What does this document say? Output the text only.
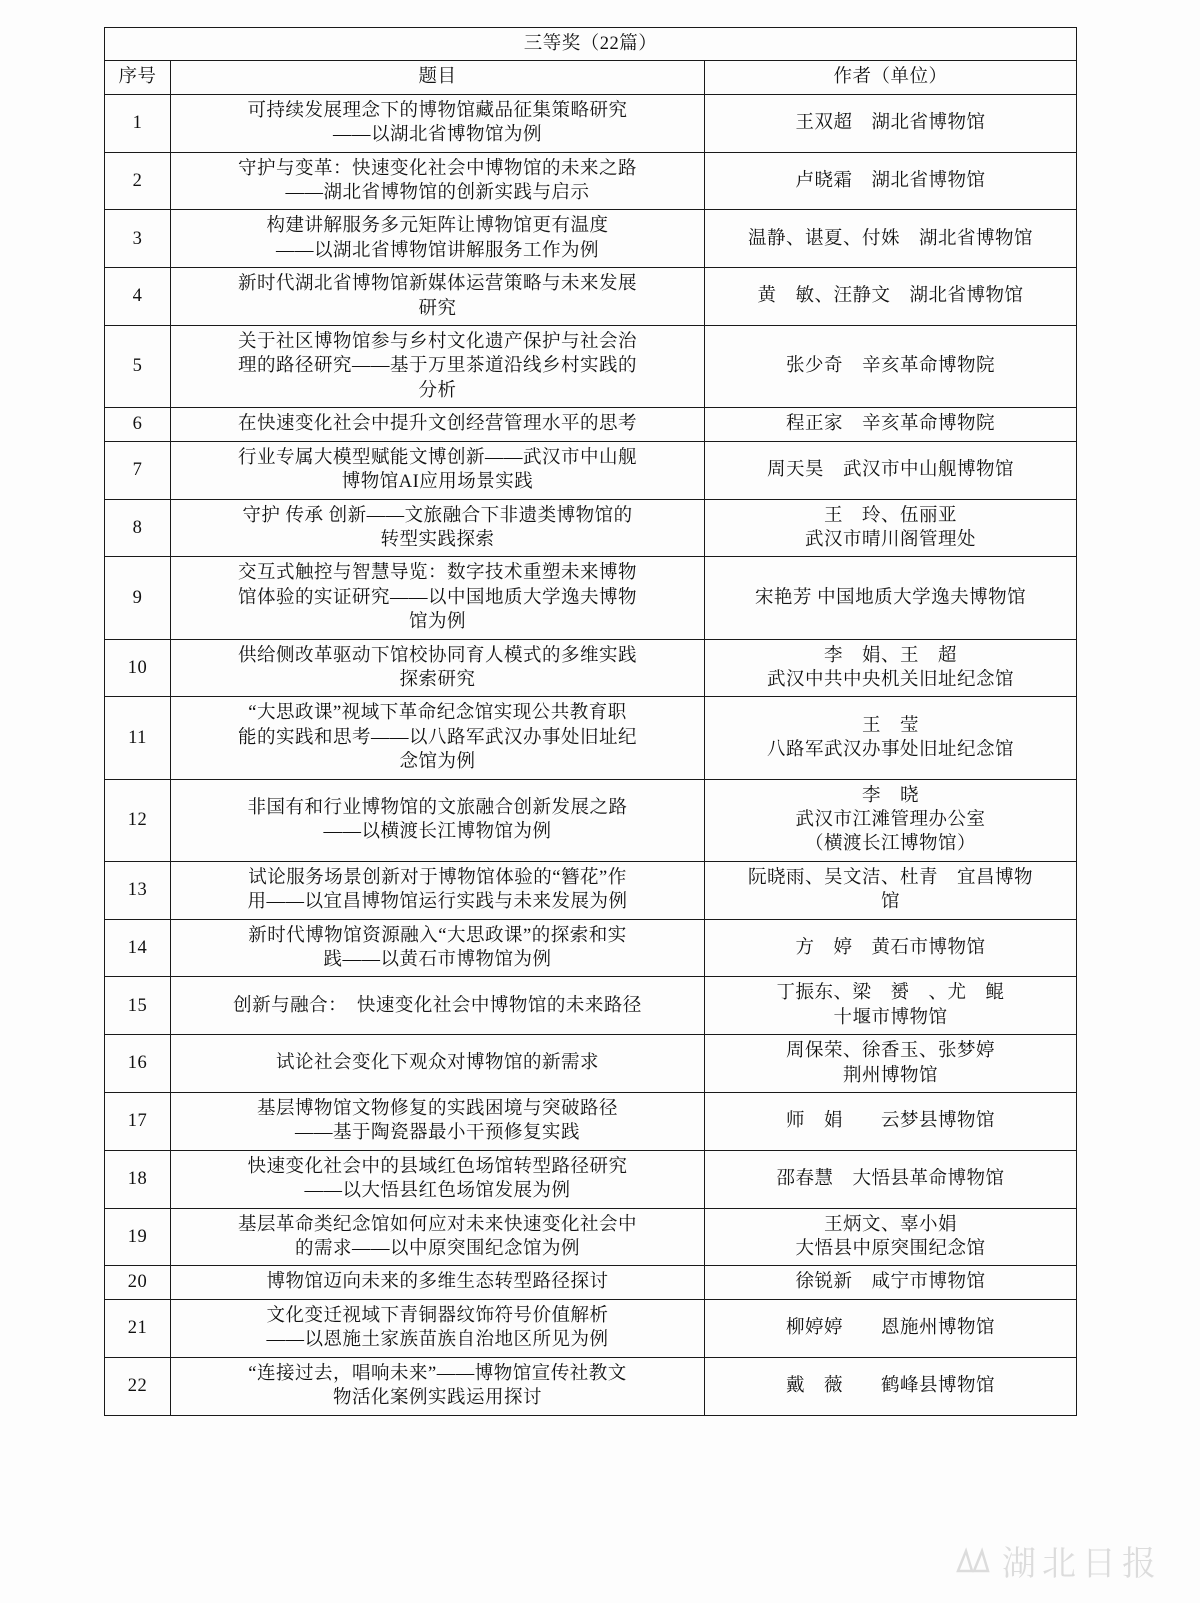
三等奖（22篇）		
序号	题目	作者（单位）
1	可持续发展理念下的博物馆藏品征集策略研究
——以湖北省博物馆为例	王双超　湖北省博物馆

2	守护与变革：快速变化社会中博物馆的未来之路
——湖北省博物馆的创新实践与启示	卢晓霜　湖北省博物馆

3	构建讲解服务多元矩阵让博物馆更有温度
——以湖北省博物馆讲解服务工作为例	温静、谌夏、付姝　湖北省博物馆

4	新时代湖北省博物馆新媒体运营策略与未来发展
研究	黄　敏、汪静文　湖北省博物馆

5	关于社区博物馆参与乡村文化遗产保护与社会治
理的路径研究——基于万里茶道沿线乡村实践的
分析	张少奇　辛亥革命博物院

6	在快速变化社会中提升文创经营管理水平的思考	程正家　辛亥革命博物院

7	行业专属大模型赋能文博创新——武汉市中山舰
博物馆AI应用场景实践	周天昊　武汉市中山舰博物馆

8	守护 传承 创新——文旅融合下非遗类博物馆的
转型实践探索	王　玲、伍丽亚
武汉市晴川阁管理处

9	交互式触控与智慧导览：数字技术重塑未来博物
馆体验的实证研究——以中国地质大学逸夫博物
馆为例	宋艳芳 中国地质大学逸夫博物馆

10	供给侧改革驱动下馆校协同育人模式的多维实践
探索研究	李　娟、王　超
武汉中共中央机关旧址纪念馆

11	“大思政课”视域下革命纪念馆实现公共教育职
能的实践和思考——以八路军武汉办事处旧址纪
念馆为例	王　莹
八路军武汉办事处旧址纪念馆

12	非国有和行业博物馆的文旅融合创新发展之路
——以横渡长江博物馆为例	李　晓
武汉市江滩管理办公室
（横渡长江博物馆）

13	试论服务场景创新对于博物馆体验的“簪花”作
用——以宜昌博物馆运行实践与未来发展为例	阮晓雨、吴文洁、杜青　宜昌博物
馆

14	新时代博物馆资源融入“大思政课”的探索和实
践——以黄石市博物馆为例	方　婷　黄石市博物馆

15	创新与融合：　快速变化社会中博物馆的未来路径	丁振东、梁　赟　、尤　鲲
十堰市博物馆

16	试论社会变化下观众对博物馆的新需求	周保荣、徐香玉、张梦婷
荆州博物馆

17	基层博物馆文物修复的实践困境与突破路径
——基于陶瓷器最小干预修复实践	师　娟　　云梦县博物馆

18	快速变化社会中的县域红色场馆转型路径研究
——以大悟县红色场馆发展为例	邵春慧　大悟县革命博物馆

19	基层革命类纪念馆如何应对未来快速变化社会中
的需求——以中原突围纪念馆为例	王炳文、辜小娟
大悟县中原突围纪念馆

20	博物馆迈向未来的多维生态转型路径探讨	徐锐新　咸宁市博物馆

21	文化变迁视域下青铜器纹饰符号价值解析
——以恩施土家族苗族自治地区所见为例	柳婷婷　　恩施州博物馆

22	“连接过去，唱响未来”——博物馆宣传社教文
物活化案例实践运用探讨	戴　薇　　鹤峰县博物馆
湖北日报
